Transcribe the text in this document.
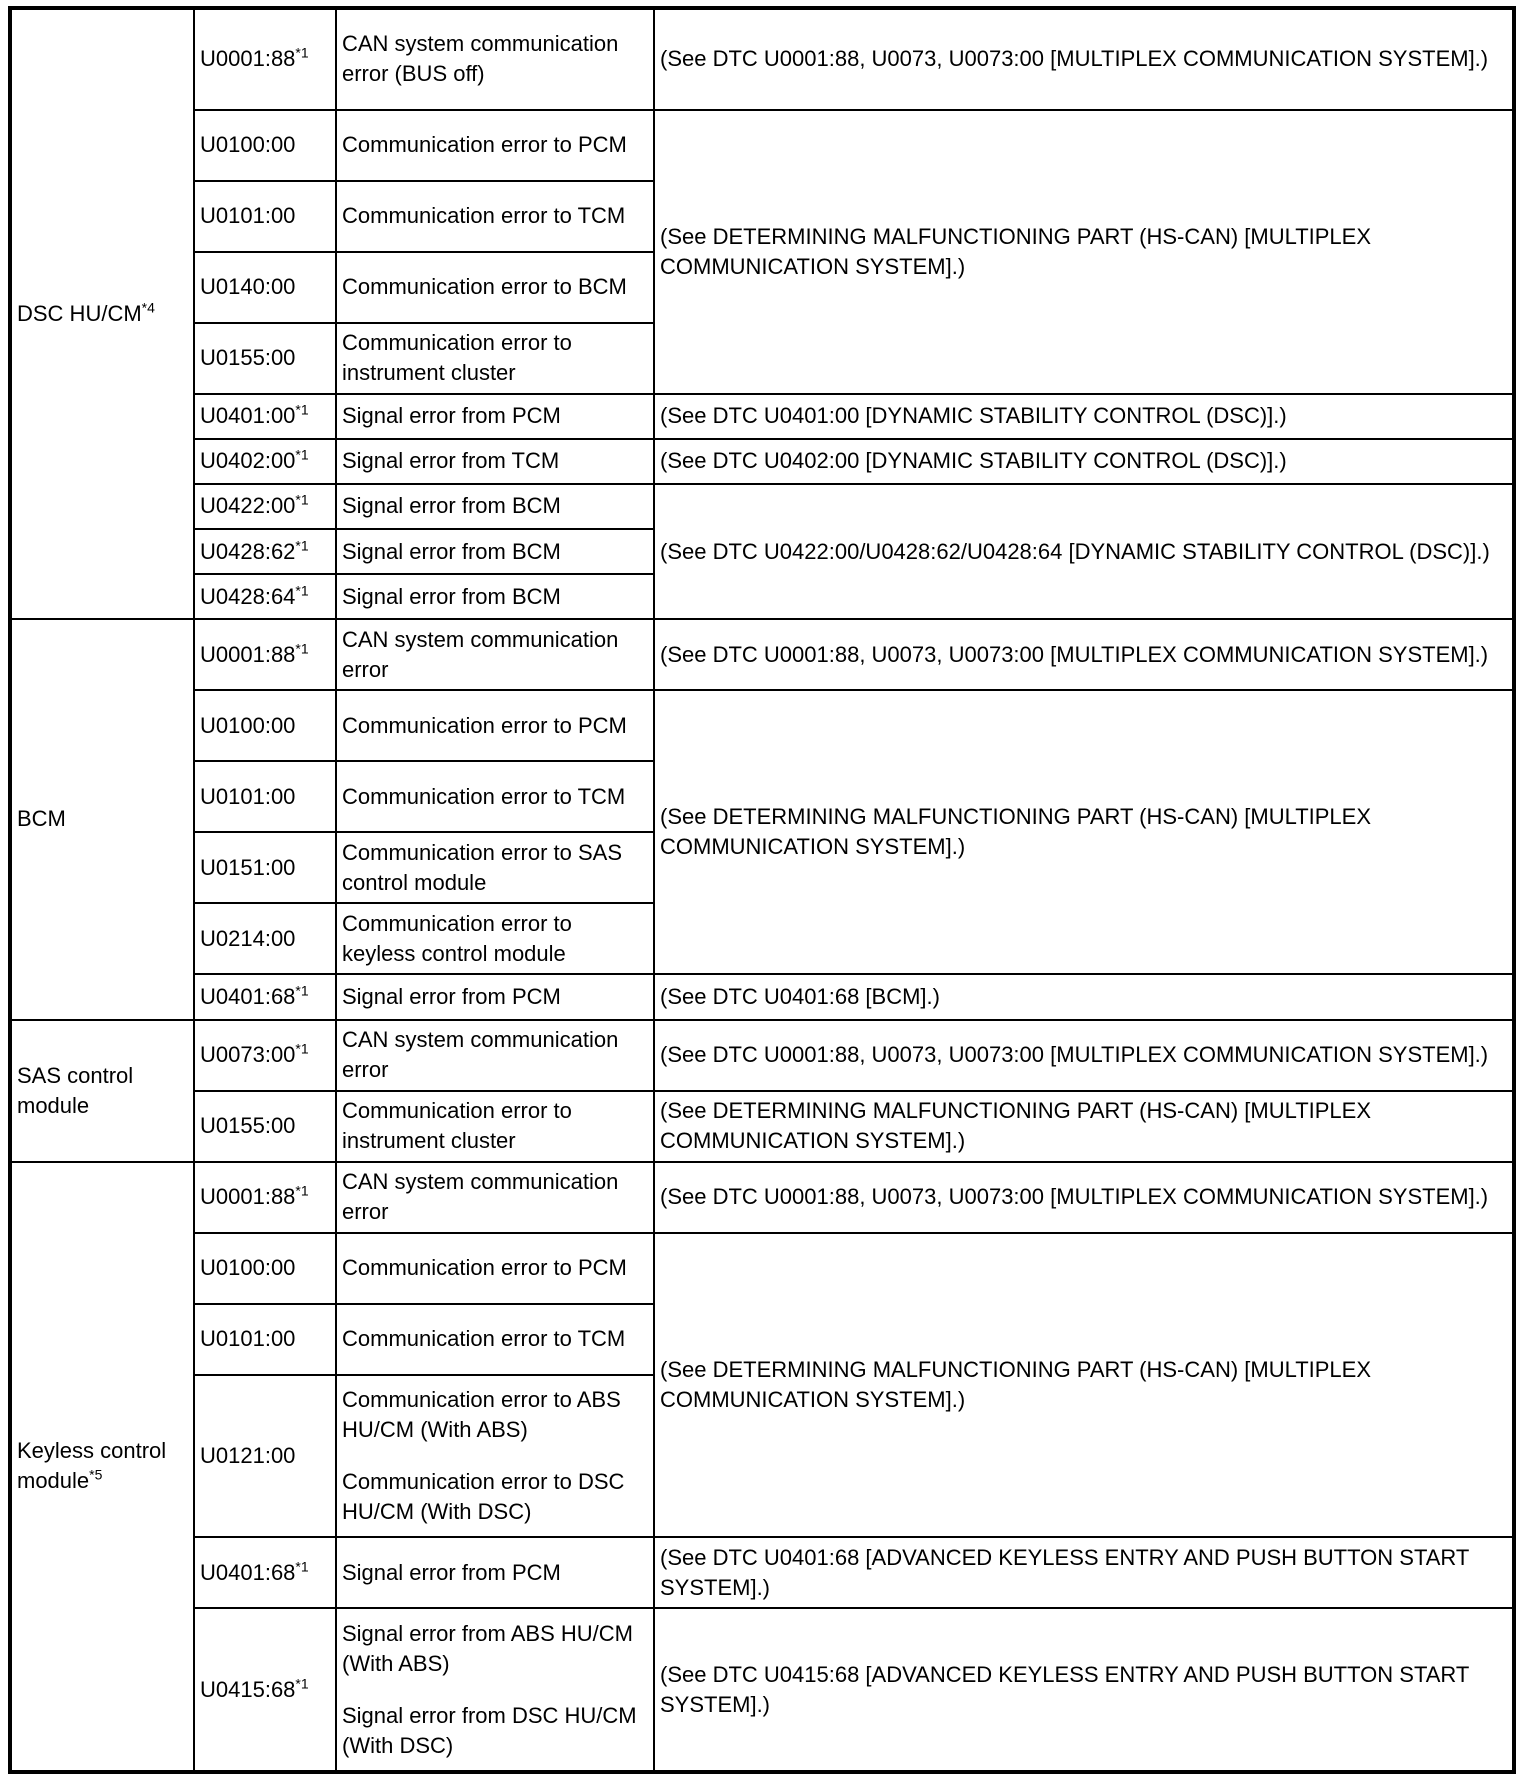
DSC HU/CM$^{*4}$	U0001:88$^{*1}$	CAN system communication error (BUS off)	(See DTC U0001:88, U0073, U0073:00 [MULTIPLEX COMMUNICATION SYSTEM].)
	U0100:00	Communication error to PCM	(See DETERMINING MALFUNCTIONING PART (HS-CAN) [MULTIPLEX COMMUNICATION SYSTEM].)
	U0101:00	Communication error to TCM	

	U0140:00	Communication error to BCM	

	U0155:00	Communication error to instrument cluster	

	U0401:00$^{*1}$	Signal error from PCM	(See DTC U0401:00 [DYNAMIC STABILITY CONTROL (DSC)].)
	U0402:00$^{*1}$	Signal error from TCM	(See DTC U0402:00 [DYNAMIC STABILITY CONTROL (DSC)].)
	U0422:00$^{*1}$	Signal error from BCM	(See DTC U0422:00/U0428:62/U0428:64 [DYNAMIC STABILITY CONTROL (DSC)].)
	U0428:62$^{*1}$	Signal error from BCM	

	U0428:64$^{*1}$	Signal error from BCM	

BCM	U0001:88$^{*1}$	CAN system communication error	(See DTC U0001:88, U0073, U0073:00 [MULTIPLEX COMMUNICATION SYSTEM].)
	U0100:00	Communication error to PCM	(See DETERMINING MALFUNCTIONING PART (HS-CAN) [MULTIPLEX COMMUNICATION SYSTEM].)
	U0101:00	Communication error to TCM	

	U0151:00	Communication error to SAS control module	

	U0214:00	Communication error to keyless control module	

	U0401:68$^{*1}$	Signal error from PCM	(See DTC U0401:68 [BCM].)
SAS control module	U0073:00$^{*1}$	CAN system communication error	(See DTC U0001:88, U0073, U0073:00 [MULTIPLEX COMMUNICATION SYSTEM].)
	U0155:00	Communication error to instrument cluster	(See DETERMINING MALFUNCTIONING PART (HS-CAN) [MULTIPLEX COMMUNICATION SYSTEM].)
Keyless control module$^{*5}$	U0001:88$^{*1}$	CAN system communication error	(See DTC U0001:88, U0073, U0073:00 [MULTIPLEX COMMUNICATION SYSTEM].)
	U0100:00	Communication error to PCM	(See DETERMINING MALFUNCTIONING PART (HS-CAN) [MULTIPLEX COMMUNICATION SYSTEM].)
	U0101:00	Communication error to TCM	

	U0121:00	Communication error to ABS HU/CM (With ABS)
Communication error to DSC HU/CM (With DSC)	

	U0401:68$^{*1}$	Signal error from PCM	(See DTC U0401:68 [ADVANCED KEYLESS ENTRY AND PUSH BUTTON START SYSTEM].)
	U0415:68$^{*1}$	Signal error from ABS HU/CM (With ABS)
Signal error from DSC HU/CM (With DSC)	(See DTC U0415:68 [ADVANCED KEYLESS ENTRY AND PUSH BUTTON START SYSTEM].)
